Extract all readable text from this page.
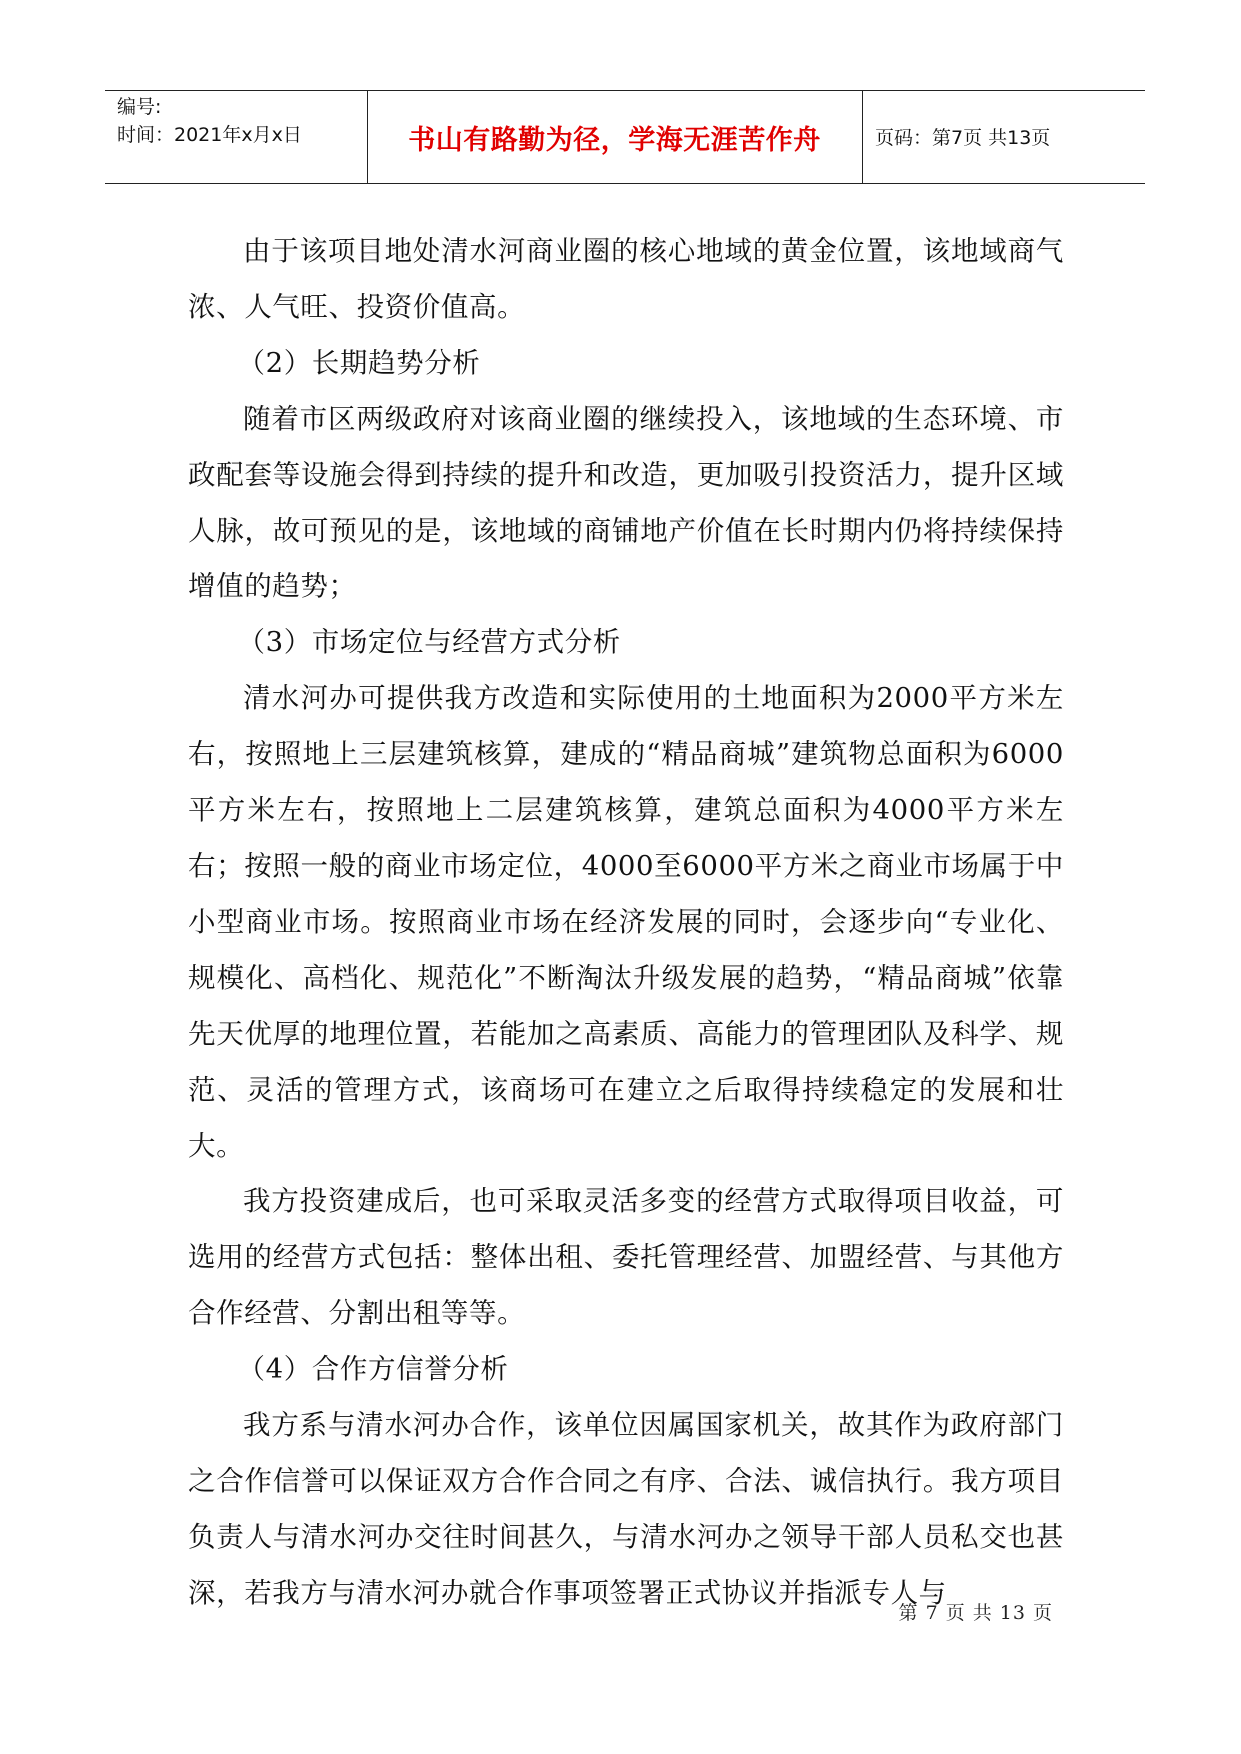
编号:
时间：2021年x月x日	书山有路勤为径，学海无涯苦作舟	页码：第7页 共13页

由于该项目地处清水河商业圈的核心地域的黄金位置，该地域商气浓、人气旺、投资价值高。

（2）长期趋势分析

随着市区两级政府对该商业圈的继续投入，该地域的生态环境、市政配套等设施会得到持续的提升和改造，更加吸引投资活力，提升区域人脉，故可预见的是，该地域的商铺地产价值在长时期内仍将持续保持增值的趋势；

（3）市场定位与经营方式分析

清水河办可提供我方改造和实际使用的土地面积为2000平方米左右，按照地上三层建筑核算，建成的“精品商城”建筑物总面积为6000平方米左右，按照地上二层建筑核算，建筑总面积为4000平方米左右；按照一般的商业市场定位，4000至6000平方米之商业市场属于中小型商业市场。按照商业市场在经济发展的同时，会逐步向“专业化、规模化、高档化、规范化”不断淘汰升级发展的趋势，“精品商城”依靠先天优厚的地理位置，若能加之高素质、高能力的管理团队及科学、规范、灵活的管理方式，该商场可在建立之后取得持续稳定的发展和壮大。

我方投资建成后，也可采取灵活多变的经营方式取得项目收益，可选用的经营方式包括：整体出租、委托管理经营、加盟经营、与其他方合作经营、分割出租等等。

（4）合作方信誉分析

我方系与清水河办合作，该单位因属国家机关，故其作为政府部门之合作信誉可以保证双方合作合同之有序、合法、诚信执行。我方项目负责人与清水河办交往时间甚久，与清水河办之领导干部人员私交也甚深，若我方与清水河办就合作事项签署正式协议并指派专人与

第 7 页 共 13 页
